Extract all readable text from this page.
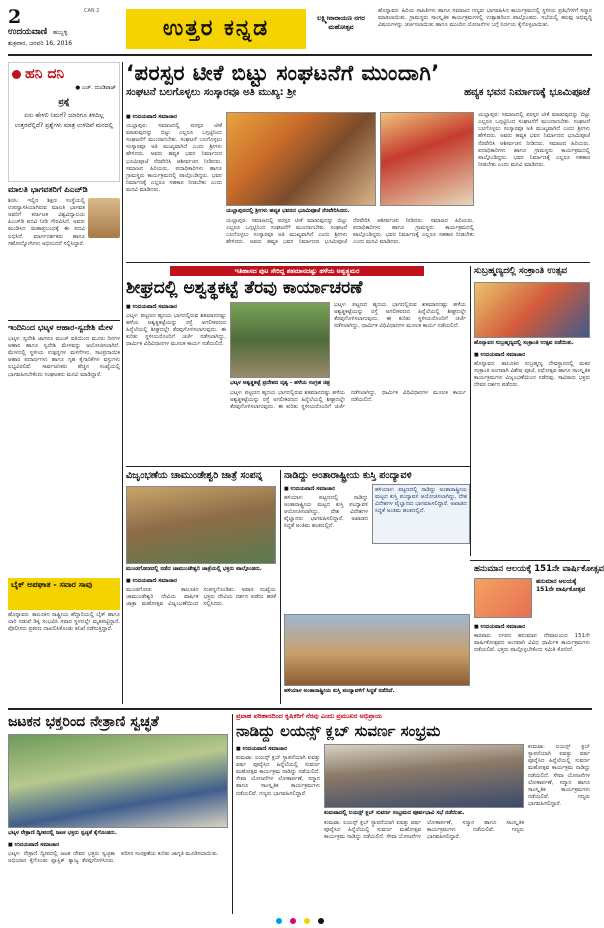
2
ಉದಯವಾಣಿ ಹುಬ್ಬಳ್ಳಿ
ಶುಕ್ರವಾರ, ಜನವರಿ 16, 2016
CAN 2
ಉತ್ತರ ಕನ್ನಡ	ಲಕ್ಷ್ಮೀನಾರಾಯಣ ನಗರ ಮಹೋತ್ಸವ
ಹೊನ್ನಾವರ: ಹಿರಿಯ ಸಾಹಿತಿಗಳು ಹಾಗೂ ಸಮಾಜದ ಗಣ್ಯರು ಭಾಗವಹಿಸಿದ ಕಾರ್ಯಕ್ರಮದಲ್ಲಿ ಸ್ಥಳೀಯ ಪ್ರತಿಭೆಗಳಿಗೆ ಸನ್ಮಾನ ಮಾಡಲಾಯಿತು. ಗ್ರಾಮಸ್ಥರು ಸಾಂಸ್ಕೃತಿಕ ಕಾರ್ಯಕ್ರಮಗಳಲ್ಲಿ ಉತ್ಸಾಹದಿಂದ ಪಾಲ್ಗೊಂಡರು. ಸಭೆಯಲ್ಲಿ ಹಲವು ಅಭಿವೃದ್ಧಿ ವಿಷಯಗಳನ್ನು ಚರ್ಚಿಸಲಾಯಿತು ಹಾಗೂ ಮುಂದಿನ ಯೋಜನೆಗಳ ಬಗ್ಗೆ ನಿರ್ಣಯ ಕೈಗೊಳ್ಳಲಾಯಿತು.
ಹನಿ ದನಿ
● ಎಚ್. ದುಂಡಿರಾಜ್
ಪ್ರಶ್ನೆ
ಏನು ಹೇಳಲಿ ನಿಮಗೆ? ಯಾರಿಗೂ ತಿಳಿದಿಲ್ಲ ಉತ್ತರವೆಲ್ಲಿದೆ? ಪ್ರಶ್ನೆಗಳು ಮಾತ್ರ ಉಳಿದಿವೆ ಮನದಲ್ಲಿ
ಮಾಲತಿ ಭಾಗವತರಿಗೆ ಪಿಎಚ್‌ಡಿ
ಶಿರಸಿ: ಇಲ್ಲಿನ ಶಿಕ್ಷಣ ಸಂಸ್ಥೆಯಲ್ಲಿ ಉಪನ್ಯಾಸಕಿಯಾಗಿರುವ ಮಾಲತಿ ಭಾಗವತ ಅವರಿಗೆ ಕರ್ನಾಟಕ ವಿಶ್ವವಿದ್ಯಾಲಯ ಪಿಎಚ್‌ಡಿ ಪದವಿ ನೀಡಿ ಗೌರವಿಸಿದೆ. ಅವರು ಮಂಡಿಸಿದ ಮಹಾಪ್ರಬಂಧಕ್ಕೆ ಈ ಪದವಿ ಲಭಿಸಿದೆ. ಮಾರ್ಗದರ್ಶಕರು ಹಾಗೂ ಸಹೋದ್ಯೋಗಿಗಳು ಅಭಿನಂದನೆ ಸಲ್ಲಿಸಿದ್ದಾರೆ.
ಇಂದಿನಿಂದ ಭಟ್ಕಳ ಆಹಾರ-ಸ್ವದೇಶಿ ಮೇಳ
ಭಟ್ಕಳ: ಸ್ವದೇಶಿ ಜಾಗರಣ ಮಂಚ್ ವತಿಯಿಂದ ಮೂರು ದಿನಗಳ ಆಹಾರ ಹಾಗೂ ಸ್ವದೇಶಿ ಮೇಳವನ್ನು ಆಯೋಜಿಸಲಾಗಿದೆ. ಮೇಳದಲ್ಲಿ ಸ್ಥಳೀಯ ಉತ್ಪನ್ನಗಳ ಮಳಿಗೆಗಳು, ಸಾಂಪ್ರದಾಯಿಕ ಆಹಾರ ಪದಾರ್ಥಗಳು ಹಾಗೂ ಗೃಹ ಕೈಗಾರಿಕೆಗಳ ವಸ್ತುಗಳು ಲಭ್ಯವಿರಲಿವೆ. ಸಾರ್ವಜನಿಕರು ಹೆಚ್ಚಿನ ಸಂಖ್ಯೆಯಲ್ಲಿ ಭಾಗವಹಿಸಬೇಕೆಂದು ಸಂಘಟಕರು ಮನವಿ ಮಾಡಿದ್ದಾರೆ.
ಬೈಕ್ ಅಪಘಾತ - ಸವಾರ ಸಾವು
ಹೊನ್ನಾವರ: ತಾಲೂಕಿನ ರಾಷ್ಟ್ರೀಯ ಹೆದ್ದಾರಿಯಲ್ಲಿ ಬೈಕ್ ಹಾಗೂ ಲಾರಿ ನಡುವೆ ಡಿಕ್ಕಿ ಸಂಭವಿಸಿ ಸವಾರ ಸ್ಥಳದಲ್ಲೇ ಮೃತಪಟ್ಟಿದ್ದಾನೆ. ಪೊಲೀಸರು ಪ್ರಕರಣ ದಾಖಲಿಸಿಕೊಂಡು ತನಿಖೆ ನಡೆಸುತ್ತಿದ್ದಾರೆ.
‘ಪರಸ್ಪರ ಟೀಕೆ ಬಿಟ್ಟು ಸಂಘಟನೆಗೆ ಮುಂದಾಗಿ’
ಸಂಘಟನೆ ಬಲಗೊಳ್ಳಲು ಸಂಸ್ಕಾರವೂ ಅತಿ ಮುಖ್ಯ: ಶ್ರೀ	ಹವ್ಯಕ ಭವನ ನಿರ್ಮಾಣಕ್ಕೆ ಭೂಮಿಪೂಜೆ
■ ಉದಯವಾಣಿ ಸಮಾಚಾರ
ಯಲ್ಲಾಪುರ: ಸಮಾಜದಲ್ಲಿ ಪರಸ್ಪರ ಟೀಕೆ ಮಾಡುವುದನ್ನು ಬಿಟ್ಟು ಎಲ್ಲರೂ ಒಗ್ಗಟ್ಟಿನಿಂದ ಸಂಘಟನೆಗೆ ಮುಂದಾಗಬೇಕು. ಸಂಘಟನೆ ಬಲಗೊಳ್ಳಲು ಸಂಸ್ಕಾರವೂ ಅತಿ ಮುಖ್ಯವಾಗಿದೆ ಎಂದು ಶ್ರೀಗಳು ಹೇಳಿದರು. ಅವರು ಹವ್ಯಕ ಭವನ ನಿರ್ಮಾಣದ ಭೂಮಿಪೂಜೆ ನೆರವೇರಿಸಿ ಆಶೀರ್ವಚನ ನೀಡಿದರು. ಸಮಾಜದ ಹಿರಿಯರು, ಪದಾಧಿಕಾರಿಗಳು ಹಾಗೂ ಗ್ರಾಮಸ್ಥರು ಕಾರ್ಯಕ್ರಮದಲ್ಲಿ ಪಾಲ್ಗೊಂಡಿದ್ದರು. ಭವನ ನಿರ್ಮಾಣಕ್ಕೆ ಎಲ್ಲರೂ ಸಹಕಾರ ನೀಡಬೇಕು ಎಂದು ಮನವಿ ಮಾಡಿದರು.
ಯಲ್ಲಾಪುರದಲ್ಲಿ ಶ್ರೀಗಳು ಹವ್ಯಕ ಭವನದ ಭೂಮಿಪೂಜೆ ನೆರವೇರಿಸಿದರು.
ಯಲ್ಲಾಪುರ: ಸಮಾಜದಲ್ಲಿ ಪರಸ್ಪರ ಟೀಕೆ ಮಾಡುವುದನ್ನು ಬಿಟ್ಟು ಎಲ್ಲರೂ ಒಗ್ಗಟ್ಟಿನಿಂದ ಸಂಘಟನೆಗೆ ಮುಂದಾಗಬೇಕು. ಸಂಘಟನೆ ಬಲಗೊಳ್ಳಲು ಸಂಸ್ಕಾರವೂ ಅತಿ ಮುಖ್ಯವಾಗಿದೆ ಎಂದು ಶ್ರೀಗಳು ಹೇಳಿದರು. ಅವರು ಹವ್ಯಕ ಭವನ ನಿರ್ಮಾಣದ ಭೂಮಿಪೂಜೆ ನೆರವೇರಿಸಿ ಆಶೀರ್ವಚನ ನೀಡಿದರು. ಸಮಾಜದ ಹಿರಿಯರು, ಪದಾಧಿಕಾರಿಗಳು ಹಾಗೂ ಗ್ರಾಮಸ್ಥರು ಕಾರ್ಯಕ್ರಮದಲ್ಲಿ ಪಾಲ್ಗೊಂಡಿದ್ದರು. ಭವನ ನಿರ್ಮಾಣಕ್ಕೆ ಎಲ್ಲರೂ ಸಹಕಾರ ನೀಡಬೇಕು ಎಂದು ಮನವಿ ಮಾಡಿದರು.
ಯಲ್ಲಾಪುರ: ಸಮಾಜದಲ್ಲಿ ಪರಸ್ಪರ ಟೀಕೆ ಮಾಡುವುದನ್ನು ಬಿಟ್ಟು ಎಲ್ಲರೂ ಒಗ್ಗಟ್ಟಿನಿಂದ ಸಂಘಟನೆಗೆ ಮುಂದಾಗಬೇಕು. ಸಂಘಟನೆ ಬಲಗೊಳ್ಳಲು ಸಂಸ್ಕಾರವೂ ಅತಿ ಮುಖ್ಯವಾಗಿದೆ ಎಂದು ಶ್ರೀಗಳು ಹೇಳಿದರು. ಅವರು ಹವ್ಯಕ ಭವನ ನಿರ್ಮಾಣದ ಭೂಮಿಪೂಜೆ ನೆರವೇರಿಸಿ ಆಶೀರ್ವಚನ ನೀಡಿದರು. ಸಮಾಜದ ಹಿರಿಯರು, ಪದಾಧಿಕಾರಿಗಳು ಹಾಗೂ ಗ್ರಾಮಸ್ಥರು ಕಾರ್ಯಕ್ರಮದಲ್ಲಿ ಪಾಲ್ಗೊಂಡಿದ್ದರು. ಭವನ ನಿರ್ಮಾಣಕ್ಕೆ ಎಲ್ಲರೂ ಸಹಕಾರ ನೀಡಬೇಕು ಎಂದು ಮನವಿ ಮಾಡಿದರು.
ಇತಿಹಾಸದ ಪುಟ ಸೇರಿದ್ದ ಶತಮಾನದಷ್ಟು ಹಳೆಯ ಅಶ್ವತ್ಥಮರ
ಶೀಘ್ರದಲ್ಲಿ ಅಶ್ವತ್ಥಕಟ್ಟೆ ತೆರವು ಕಾರ್ಯಾಚರಣೆ
■ ಉದಯವಾಣಿ ಸಮಾಚಾರ
ಭಟ್ಕಳ: ಪಟ್ಟಣದ ಹೃದಯ ಭಾಗದಲ್ಲಿರುವ ಶತಮಾನದಷ್ಟು ಹಳೆಯ ಅಶ್ವತ್ಥಕಟ್ಟೆಯನ್ನು ರಸ್ತೆ ಅಗಲೀಕರಣದ ಹಿನ್ನೆಲೆಯಲ್ಲಿ ಶೀಘ್ರದಲ್ಲೇ ತೆರವುಗೊಳಿಸಲಾಗುವುದು. ಈ ಕುರಿತು ಸ್ಥಳೀಯರೊಂದಿಗೆ ಚರ್ಚೆ ನಡೆಸಲಾಗಿದ್ದು, ಧಾರ್ಮಿಕ ವಿಧಿವಿಧಾನಗಳ ಮೂಲಕ ಕಾರ್ಯ ನಡೆಯಲಿದೆ.
ಭಟ್ಕಳ ಅಶ್ವತ್ಥಕಟ್ಟೆ ಪ್ರದೇಶದ ದೃಶ್ಯ - ಹಳೆಯ ಸಂಗ್ರಹ ಚಿತ್ರ
ಭಟ್ಕಳ: ಪಟ್ಟಣದ ಹೃದಯ ಭಾಗದಲ್ಲಿರುವ ಶತಮಾನದಷ್ಟು ಹಳೆಯ ಅಶ್ವತ್ಥಕಟ್ಟೆಯನ್ನು ರಸ್ತೆ ಅಗಲೀಕರಣದ ಹಿನ್ನೆಲೆಯಲ್ಲಿ ಶೀಘ್ರದಲ್ಲೇ ತೆರವುಗೊಳಿಸಲಾಗುವುದು. ಈ ಕುರಿತು ಸ್ಥಳೀಯರೊಂದಿಗೆ ಚರ್ಚೆ ನಡೆಸಲಾಗಿದ್ದು, ಧಾರ್ಮಿಕ ವಿಧಿವಿಧಾನಗಳ ಮೂಲಕ ಕಾರ್ಯ ನಡೆಯಲಿದೆ.
ಭಟ್ಕಳ: ಪಟ್ಟಣದ ಹೃದಯ ಭಾಗದಲ್ಲಿರುವ ಶತಮಾನದಷ್ಟು ಹಳೆಯ ಅಶ್ವತ್ಥಕಟ್ಟೆಯನ್ನು ರಸ್ತೆ ಅಗಲೀಕರಣದ ಹಿನ್ನೆಲೆಯಲ್ಲಿ ಶೀಘ್ರದಲ್ಲೇ ತೆರವುಗೊಳಿಸಲಾಗುವುದು. ಈ ಕುರಿತು ಸ್ಥಳೀಯರೊಂದಿಗೆ ಚರ್ಚೆ ನಡೆಸಲಾಗಿದ್ದು, ಧಾರ್ಮಿಕ ವಿಧಿವಿಧಾನಗಳ ಮೂಲಕ ಕಾರ್ಯ ನಡೆಯಲಿದೆ.
ಸುಬ್ರಹ್ಮಣ್ಯದಲ್ಲಿ ಸಂಕ್ರಾಂತಿ ಉತ್ಸವ
ಹೊನ್ನಾವರ ಸುಬ್ರಹ್ಮಣ್ಯದಲ್ಲಿ ಸಂಕ್ರಾಂತಿ ಉತ್ಸವ ನಡೆಯಿತು.
■ ಉದಯವಾಣಿ ಸಮಾಚಾರ
ಹೊನ್ನಾವರ: ತಾಲೂಕಿನ ಸುಬ್ರಹ್ಮಣ್ಯ ದೇವಸ್ಥಾನದಲ್ಲಿ ಮಕರ ಸಂಕ್ರಾಂತಿ ಅಂಗವಾಗಿ ವಿಶೇಷ ಪೂಜೆ, ರಥೋತ್ಸವ ಹಾಗೂ ಸಾಂಸ್ಕೃತಿಕ ಕಾರ್ಯಕ್ರಮಗಳು ವಿಜೃಂಭಣೆಯಿಂದ ನಡೆದವು. ಸಾವಿರಾರು ಭಕ್ತರು ದೇವರ ದರ್ಶನ ಪಡೆದರು.
ವಿಜೃಂಭಣೆಯ ಚಾಮುಂಡೇಶ್ವರಿ ಜಾತ್ರೆ ಸಂಪನ್ನ
ಮುಂಡಗೋಡದಲ್ಲಿ ನಡೆದ ಚಾಮುಂಡೇಶ್ವರಿ ಜಾತ್ರೆಯಲ್ಲಿ ಭಕ್ತರು ಪಾಲ್ಗೊಂಡರು.
■ ಉದಯವಾಣಿ ಸಮಾಚಾರ
ಮುಂಡಗೋಡ: ತಾಲೂಕಿನ ಚಾಮುಂಡೇಶ್ವರಿ ದೇವಿಯ ವಾರ್ಷಿಕ ಜಾತ್ರಾ ಮಹೋತ್ಸವ ವಿಜೃಂಭಣೆಯಿಂದ ಸಂಪನ್ನಗೊಂಡಿತು. ಅಪಾರ ಸಂಖ್ಯೆಯ ಭಕ್ತರು ದೇವಿಯ ದರ್ಶನ ಪಡೆದು ಹರಕೆ ಸಲ್ಲಿಸಿದರು.
ನಾಡಿದ್ದು ಅಂತಾರಾಷ್ಟ್ರೀಯ ಕುಸ್ತಿ ಪಂದ್ಯಾವಳಿ
■ ಉದಯವಾಣಿ ಸಮಾಚಾರ
ಹಳಿಯಾಳ: ಪಟ್ಟಣದಲ್ಲಿ ನಾಡಿದ್ದು ಅಂತಾರಾಷ್ಟ್ರೀಯ ಮಟ್ಟದ ಕುಸ್ತಿ ಪಂದ್ಯಾವಳಿ ಆಯೋಜಿಸಲಾಗಿದ್ದು, ದೇಶ ವಿದೇಶಗಳ ಪೈಲ್ವಾನರು ಭಾಗವಹಿಸಲಿದ್ದಾರೆ. ಅಖಾಡದ ಸಿದ್ಧತೆ ಅಂತಿಮ ಹಂತದಲ್ಲಿದೆ.
ಹಳಿಯಾಳ: ಪಟ್ಟಣದಲ್ಲಿ ನಾಡಿದ್ದು ಅಂತಾರಾಷ್ಟ್ರೀಯ ಮಟ್ಟದ ಕುಸ್ತಿ ಪಂದ್ಯಾವಳಿ ಆಯೋಜಿಸಲಾಗಿದ್ದು, ದೇಶ ವಿದೇಶಗಳ ಪೈಲ್ವಾನರು ಭಾಗವಹಿಸಲಿದ್ದಾರೆ. ಅಖಾಡದ ಸಿದ್ಧತೆ ಅಂತಿಮ ಹಂತದಲ್ಲಿದೆ.
ಹಳಿಯಾಳ ಅಂತಾರಾಷ್ಟ್ರೀಯ ಕುಸ್ತಿ ಪಂದ್ಯಾವಳಿಗೆ ಸಿದ್ಧತೆ ನಡೆದಿದೆ.
ಹನುಮಾನ ಆಲಯಕ್ಕೆ 151ನೇ ವಾರ್ಷಿಕೋತ್ಸವ
ಹನುಮಾನ ಆಲಯಕ್ಕೆ 151ನೇ ವಾರ್ಷಿಕೋತ್ಸವ
■ ಉದಯವಾಣಿ ಸಮಾಚಾರ
ಕಾರವಾರ: ನಗರದ ಹನುಮಾನ ದೇವಾಲಯದ 151ನೇ ವಾರ್ಷಿಕೋತ್ಸವದ ಅಂಗವಾಗಿ ವಿವಿಧ ಧಾರ್ಮಿಕ ಕಾರ್ಯಕ್ರಮಗಳು ನಡೆಯಲಿವೆ. ಭಕ್ತರು ಪಾಲ್ಗೊಳ್ಳಬೇಕೆಂದು ಸಮಿತಿ ಕೋರಿದೆ.
ಜಟಕನ ಭಕ್ತರಿಂದ ನೇತ್ರಾಣಿ ಸ್ವಚ್ಛತೆ
ಭಟ್ಕಳ ನೇತ್ರಾಣಿ ದ್ವೀಪದಲ್ಲಿ ಜಟಕ ಭಕ್ತರು ಸ್ವಚ್ಛತೆ ಕೈಗೊಂಡರು.
■ ಉದಯವಾಣಿ ಸಮಾಚಾರ
ಭಟ್ಕಳ: ನೇತ್ರಾಣಿ ದ್ವೀಪದಲ್ಲಿ ಜಟಕ ದೇವರ ಭಕ್ತರು ಸ್ವಚ್ಛತಾ ಅಭಿಯಾನ ಕೈಗೊಂಡು ಪ್ಲಾಸ್ಟಿಕ್ ತ್ಯಾಜ್ಯ ತೆರವುಗೊಳಿಸಿದರು. ಪರಿಸರ ಸಂರಕ್ಷಣೆಯ ಕುರಿತು ಜಾಗೃತಿ ಮೂಡಿಸಲಾಯಿತು.
ಪ್ರವಾಹ ಪರಿಹಾರದಿಂದ ಕೃಷಿಕರಿಗೆ ನೆರವು ಎಂದು ಪ್ರಮುಖರ ಅಭಿಪ್ರಾಯ
ನಾಡಿದ್ದು ಲಯನ್ಸ್ ಕ್ಲಬ್ ಸುವರ್ಣ ಸಂಭ್ರಮ
■ ಉದಯವಾಣಿ ಸಮಾಚಾರ
ಕುಮಟಾ: ಲಯನ್ಸ್ ಕ್ಲಬ್ ಸ್ಥಾಪನೆಯಾಗಿ ಐವತ್ತು ವರ್ಷ ಪೂರೈಸಿದ ಹಿನ್ನೆಲೆಯಲ್ಲಿ ಸುವರ್ಣ ಮಹೋತ್ಸವ ಕಾರ್ಯಕ್ರಮ ನಾಡಿದ್ದು ನಡೆಯಲಿದೆ. ಸೇವಾ ಯೋಜನೆಗಳ ಲೋಕಾರ್ಪಣೆ, ಸನ್ಮಾನ ಹಾಗೂ ಸಾಂಸ್ಕೃತಿಕ ಕಾರ್ಯಕ್ರಮಗಳು ನಡೆಯಲಿವೆ. ಗಣ್ಯರು ಭಾಗವಹಿಸಲಿದ್ದಾರೆ.
ಕುಮಟಾದಲ್ಲಿ ಲಯನ್ಸ್ ಕ್ಲಬ್ ಸುವರ್ಣ ಸಂಭ್ರಮದ ಪೂರ್ವಭಾವಿ ಸಭೆ ನಡೆಯಿತು.
ಕುಮಟಾ: ಲಯನ್ಸ್ ಕ್ಲಬ್ ಸ್ಥಾಪನೆಯಾಗಿ ಐವತ್ತು ವರ್ಷ ಪೂರೈಸಿದ ಹಿನ್ನೆಲೆಯಲ್ಲಿ ಸುವರ್ಣ ಮಹೋತ್ಸವ ಕಾರ್ಯಕ್ರಮ ನಾಡಿದ್ದು ನಡೆಯಲಿದೆ. ಸೇವಾ ಯೋಜನೆಗಳ ಲೋಕಾರ್ಪಣೆ, ಸನ್ಮಾನ ಹಾಗೂ ಸಾಂಸ್ಕೃತಿಕ ಕಾರ್ಯಕ್ರಮಗಳು ನಡೆಯಲಿವೆ. ಗಣ್ಯರು ಭಾಗವಹಿಸಲಿದ್ದಾರೆ.
ಕುಮಟಾ: ಲಯನ್ಸ್ ಕ್ಲಬ್ ಸ್ಥಾಪನೆಯಾಗಿ ಐವತ್ತು ವರ್ಷ ಪೂರೈಸಿದ ಹಿನ್ನೆಲೆಯಲ್ಲಿ ಸುವರ್ಣ ಮಹೋತ್ಸವ ಕಾರ್ಯಕ್ರಮ ನಾಡಿದ್ದು ನಡೆಯಲಿದೆ. ಸೇವಾ ಯೋಜನೆಗಳ ಲೋಕಾರ್ಪಣೆ, ಸನ್ಮಾನ ಹಾಗೂ ಸಾಂಸ್ಕೃತಿಕ ಕಾರ್ಯಕ್ರಮಗಳು ನಡೆಯಲಿವೆ. ಗಣ್ಯರು ಭಾಗವಹಿಸಲಿದ್ದಾರೆ.
